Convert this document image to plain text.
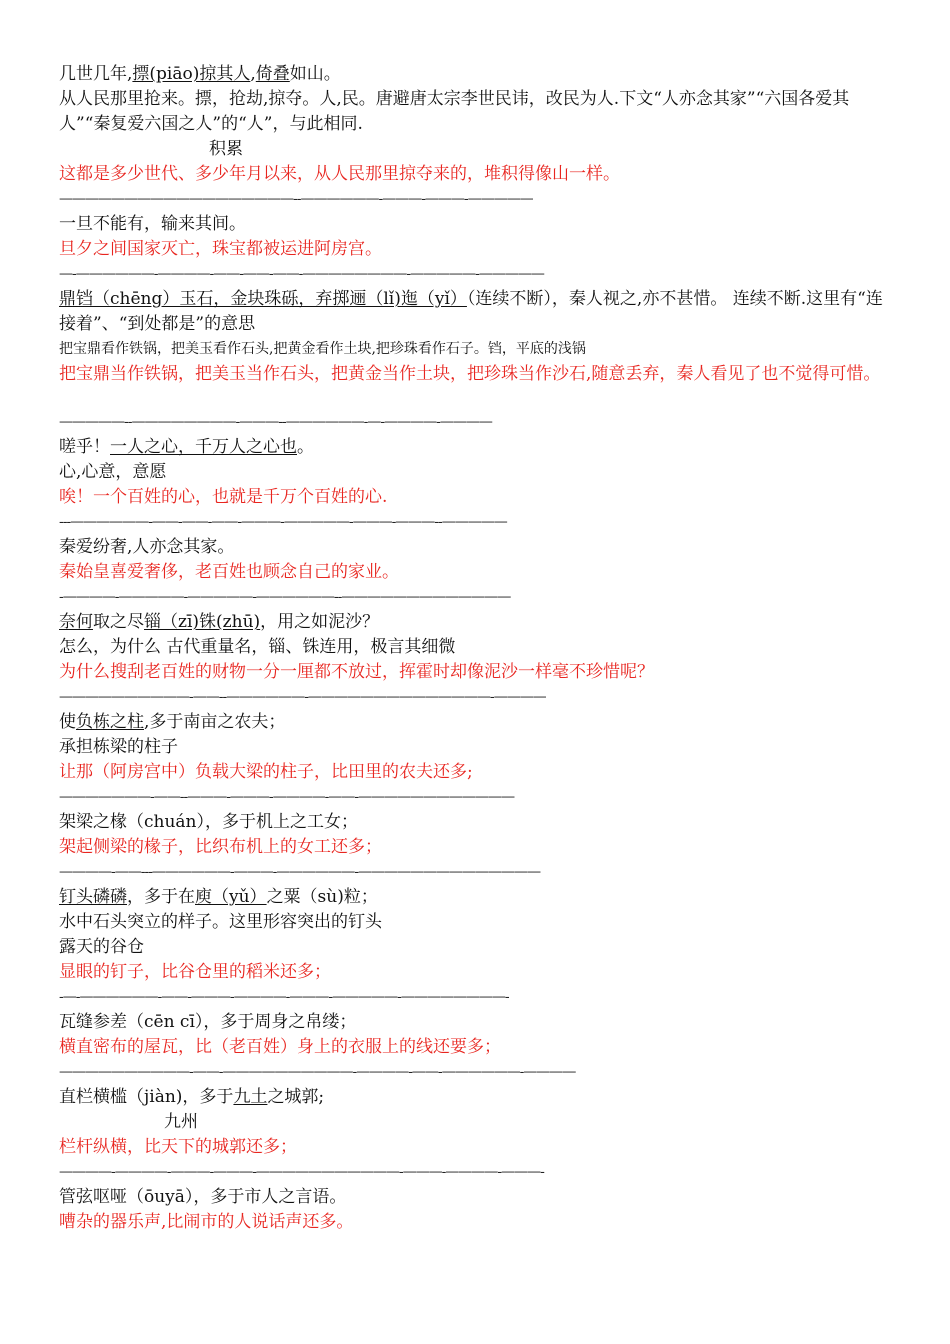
几世几年,摽(piāo)掠其人,倚叠如山。
从人民那里抢来。摽，抢劫,掠夺。人,民。唐避唐太宗李世民讳，改民为人.下文“人亦念其家”“六国各爱其人”“秦复爱六国之人”的“人”，与此相同.
积累
这都是多少世代、多少年月以来，从人民那里掠夺来的，堆积得像山一样。
——————————————————--——————-———-———-—————
一旦不能有，输来其间。
旦夕之间国家灭亡，珠宝都被运进阿房宫。
—-——————-————-——-——-——-————————-—————-—————
鼎铛（chēng）玉石，金块珠砾，弃掷逦（lǐ)迤（yǐ）（连续不断），秦人视之,亦不甚惜。 连续不断.这里有“连接着”、“到处都是”的意思
把宝鼎看作铁锅，把美玉看作石头,把黄金看作土块,把珍珠看作石子。铛，平底的浅锅
把宝鼎当作铁锅，把美玉当作石头，把黄金当作土块，把珍珠当作沙石,随意丢弃，秦人看见了也不觉得可惜。
—————--————————-———--——————-—-————-————
嗟乎！一人之心，千万人之心也。
心,心意，意愿
唉！一个百姓的心，也就是千万个百姓的心.
---——————-——-——-——-———-—————-———-———--—————
秦爱纷奢,人亦念其家。
秦始皇喜爱奢侈，老百姓也顾念自己的家业。
-————-—————-—————-——————--—————————————
奈何取之尽锱（zī)铢(zhū)，用之如泥沙？
怎么，为什么 古代重量名，锱、铢连用，极言其细微
为什么搜刮老百姓的财物一分一厘都不放过，挥霍时却像泥沙一样毫不珍惜呢？
——————————-——--——————-——————————————-————
使负栋之柱,多于南亩之农夫；
承担栋梁的柱子
让那（阿房宫中）负载大梁的柱子，比田里的农夫还多;
———————-——--———-———-————-——-————————————
架梁之椽（chuán），多于机上之工女；
架起侧梁的椽子，比织布机上的女工还多；
————-——---——————-———-——————-——————————————
钉头磷磷，多于在庾（yǔ）之粟（sù)粒；
水中石头突立的样子。这里形容突出的钉头
露天的谷仓
显眼的钉子，比谷仓里的稻米还多；
-—-——————-——-———-————-———-—————-————————-
瓦缝参差（cēn cī），多于周身之帛缕；
横直密布的屋瓦，比（老百姓）身上的衣服上的线还要多；
——————————-——-——————————-————-——-——————-————
直栏横槛（jiàn)，多于九土之城郭;
九州
栏杆纵横，比天下的城郭还多；
————-————-———-———-———————————-———-————-———-
管弦呕哑（ōuyā），多于市人之言语。
嘈杂的器乐声,比闹市的人说话声还多。
